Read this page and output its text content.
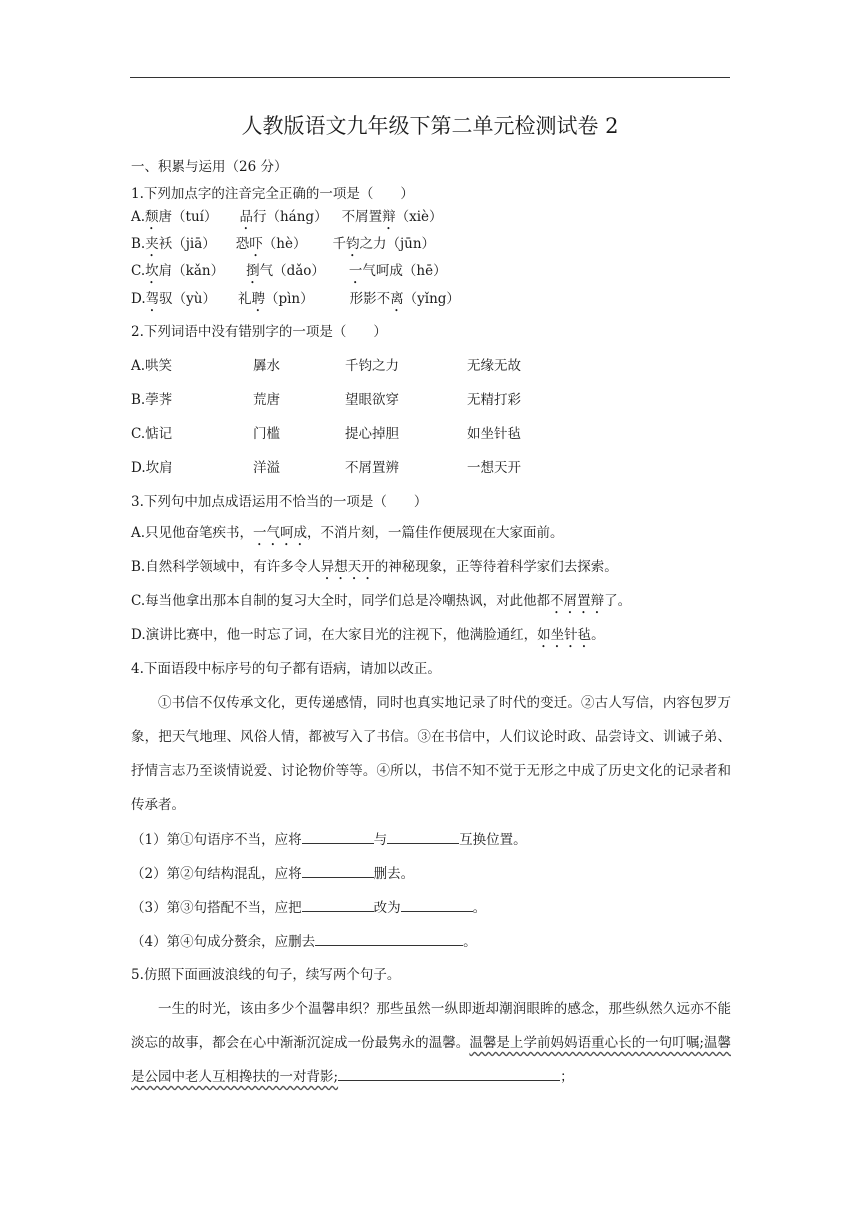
人教版语文九年级下第二单元检测试卷 2
一、积累与运用（26 分）
1.下列加点字的注音完全正确的一项是（　　）
A.颓唐（tuí） 品行（háng） 不屑置辩（xiè）
B.夹袄（jiā） 恐吓（hè） 千钧之力（jūn）
C.坎肩（kǎn） 捯气（dǎo） 一气呵成（hē）
D.驾驭（yù） 礼聘（pìn）	形影不离（yǐng）
2.下列词语中没有错别字的一项是（　　）
A.哄笑	羼水	千钧之力	无缘无故
B.荸荠	荒唐	望眼欲穿	无精打彩
C.惦记	门槛	提心掉胆	如坐针毡
D.坎肩	洋溢	不屑置辨	一想天开
3.下列句中加点成语运用不恰当的一项是（　　）
A.只见他奋笔疾书，一气呵成，不消片刻，一篇佳作便展现在大家面前。
B.自然科学领域中，有许多令人异想天开的神秘现象，正等待着科学家们去探索。
C.每当他拿出那本自制的复习大全时，同学们总是冷嘲热讽，对此他都不屑置辩了。
D.演讲比赛中，他一时忘了词，在大家目光的注视下，他满脸通红，如坐针毡。
4.下面语段中标序号的句子都有语病，请加以改正。
①书信不仅传承文化，更传递感情，同时也真实地记录了时代的变迁。②古人写信，内容包罗万象，把天气地理、风俗人情，都被写入了书信。③在书信中，人们议论时政、品尝诗文、训诫子弟、抒情言志乃至谈情说爱、讨论物价等等。④所以，书信不知不觉于无形之中成了历史文化的记录者和传承者。
（1）第①句语序不当，应将	与	互换位置。
（2）第②句结构混乱，应将	删去。
（3）第③句搭配不当，应把	改为	。
（4）第④句成分赘余，应删去	。
5.仿照下面画波浪线的句子，续写两个句子。
一生的时光，该由多少个温馨串织？那些虽然一纵即逝却潮润眼眸的感念，那些纵然久远亦不能淡忘的故事，都会在心中渐渐沉淀成一份最隽永的温馨。温馨是上学前妈妈语重心长的一句叮嘱;温馨是公园中老人互相搀扶的一对背影;	；
